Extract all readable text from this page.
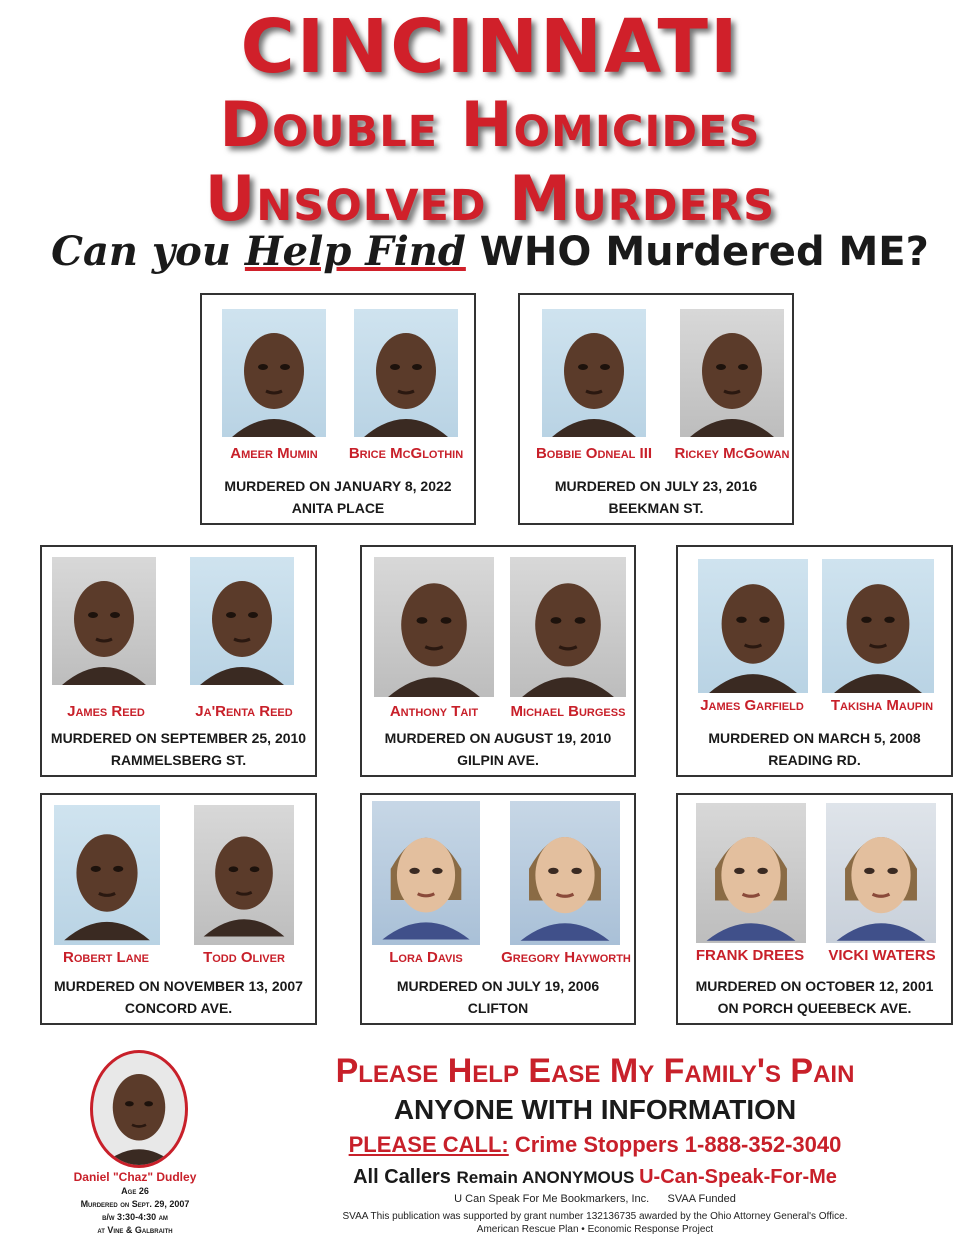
CINCINNATI
Double Homicides
Unsolved Murders
Can you Help Find WHO Murdered ME?
Ameer Mumin	Brice McGlothin
MURDERED ON JANUARY 8, 2022
ANITA PLACE
Bobbie Odneal III	Rickey McGowan
MURDERED ON JULY 23, 2016
BEEKMAN ST.
James Reed	Ja'Renta Reed
MURDERED ON SEPTEMBER 25, 2010
RAMMELSBERG ST.
Anthony Tait	Michael Burgess
MURDERED ON AUGUST 19, 2010
GILPIN AVE.
James Garfield	Takisha Maupin
MURDERED ON MARCH 5, 2008
READING RD.
Robert Lane	Todd Oliver
MURDERED ON NOVEMBER 13, 2007
CONCORD AVE.
Lora Davis	Gregory Hayworth
MURDERED ON JULY 19, 2006
CLIFTON
FRANK DREES	VICKI WATERS
MURDERED ON OCTOBER 12, 2001
ON PORCH QUEEBECK AVE.
Daniel "Chaz" Dudley
Age 26
Murdered on Sept. 29, 2007
b/w 3:30-4:30 am
at Vine & Galbraith
Please Help Ease My Family's Pain
ANYONE WITH INFORMATION
PLEASE CALL: Crime Stoppers 1-888-352-3040
All Callers Remain ANONYMOUS U-Can-Speak-For-Me
U Can Speak For Me Bookmarkers, Inc.      SVAA Funded
SVAA This publication was supported by grant number 132136735 awarded by the Ohio Attorney General's Office.
American Rescue Plan • Economic Response Project
